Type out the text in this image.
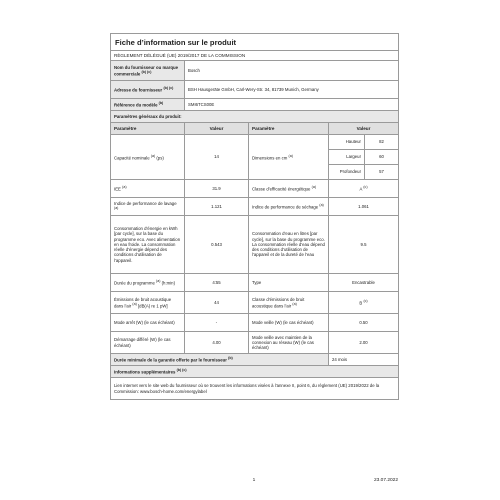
Fiche d’information sur le produit				
RÈGLEMENT DÉLÉGUÉ (UE) 2019/2017 DE LA COMMISSION				
Nom du fournisseur ou marque commerciale $^{(b) (c)}$	Bosch			
Adresse du fournisseur $^{(b) (c)}$	BSH Hausgeräte GmbH, Carl-Wery-Str. 34, 81739 Munich, Germany			
Référence du modèle $^{(b)}$	SMI6TCS00E			
Paramètres généraux du produit:				
Paramètre	Valeur	Paramètre	Valeur	
Capacité nominale $^{(a)}$ (ps)	14	Dimensions en cm $^{(a)}$	Hauteur	82
			Largeur	60
			Profondeur	57
IEE $^{(a)}$	31.9	Classe d’efficacité énergétique $^{(a)}$	A $^{(c)}$
Indice de performance de lavage $^{(a)}$	1.121	Indice de performance de séchage $^{(a)}$	1.061	
Consommation d’énergie en kWh [par cycle], sur la base du programme eco. Avec alimentation en eau froide. La consommation réelle d’énergie dépend des conditions d’utilisation de l’appareil.	0.543	Consommation d’eau en litres [par cycle], sur la base du programme eco. La consommation réelle d’eau dépend des conditions d’utilisation de l’appareil et de la dureté de l’eau	9.5	
Durée du programme $^{(a)}$ (h:min)	4:55	Type	Encastrable	
Émissions de bruit acoustique dans l’air $^{(a)}$ [dB(A) re 1 pW]	44	Classe d’émissions de bruit acoustique dans l’air $^{(a)}$	B $^{(c)}$
Mode arrêt (W) (le cas échéant)	-	Mode veille (W) (le cas échéant)	0.50	
Démarrage différé (W) (le cas échéant)	4.00	Mode veille avec maintien de la connexion au réseau (W) (le cas échéant)	2.00	
Durée minimale de la garantie offerte par le fournisseur $^{(b)}$			24 mois	
Informations supplémentaires $^{(b) (c)}$
Lien internet vers le site web du fournisseur où se trouvent les informations visées à l’annexe II, point 6, du règlement (UE) 2019/2022 de la Commission: www.bosch-home.com/energylabel				
1	23.07.2022
